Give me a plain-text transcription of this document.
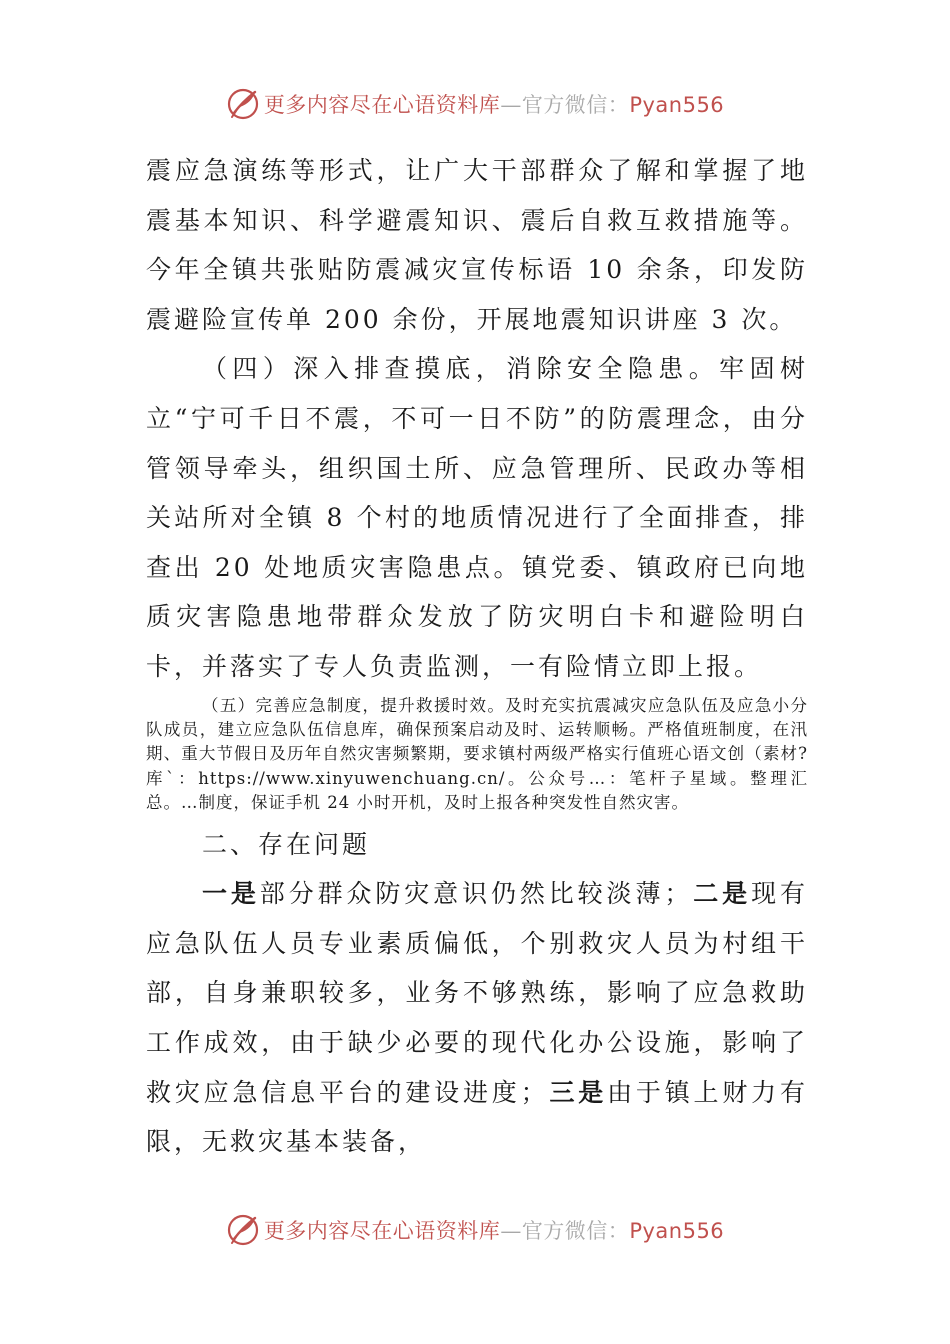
更多内容尽在心语资料库—官方微信：Pyan556

震应急演练等形式，让广大干部群众了解和掌握了地震基本知识、科学避震知识、震后自救互救措施等。今年全镇共张贴防震减灾宣传标语 10 余条，印发防震避险宣传单 200 余份，开展地震知识讲座 3 次。

（四）深入排查摸底，消除安全隐患。牢固树立“宁可千日不震，不可一日不防”的防震理念，由分管领导牵头，组织国土所、应急管理所、民政办等相关站所对全镇 8 个村的地质情况进行了全面排查，排查出 20 处地质灾害隐患点。镇党委、镇政府已向地质灾害隐患地带群众发放了防灾明白卡和避险明白卡，并落实了专人负责监测，一有险情立即上报。

（五）完善应急制度，提升救援时效。及时充实抗震减灾应急队伍及应急小分队成员，建立应急队伍信息库，确保预案启动及时、运转顺畅。严格值班制度，在汛期、重大节假日及历年自然灾害频繁期，要求镇村两级严格实行值班心语文创（素材?库`：https://www.xinyuwenchuang.cn/。公众号…：笔杆子星域。整理汇总。…制度，保证手机 24 小时开机，及时上报各种突发性自然灾害。

二、存在问题

一是部分群众防灾意识仍然比较淡薄；二是现有应急队伍人员专业素质偏低，个别救灾人员为村组干部，自身兼职较多，业务不够熟练，影响了应急救助工作成效，由于缺少必要的现代化办公设施，影响了救灾应急信息平台的建设进度；三是由于镇上财力有限，无救灾基本装备，

更多内容尽在心语资料库—官方微信：Pyan556
